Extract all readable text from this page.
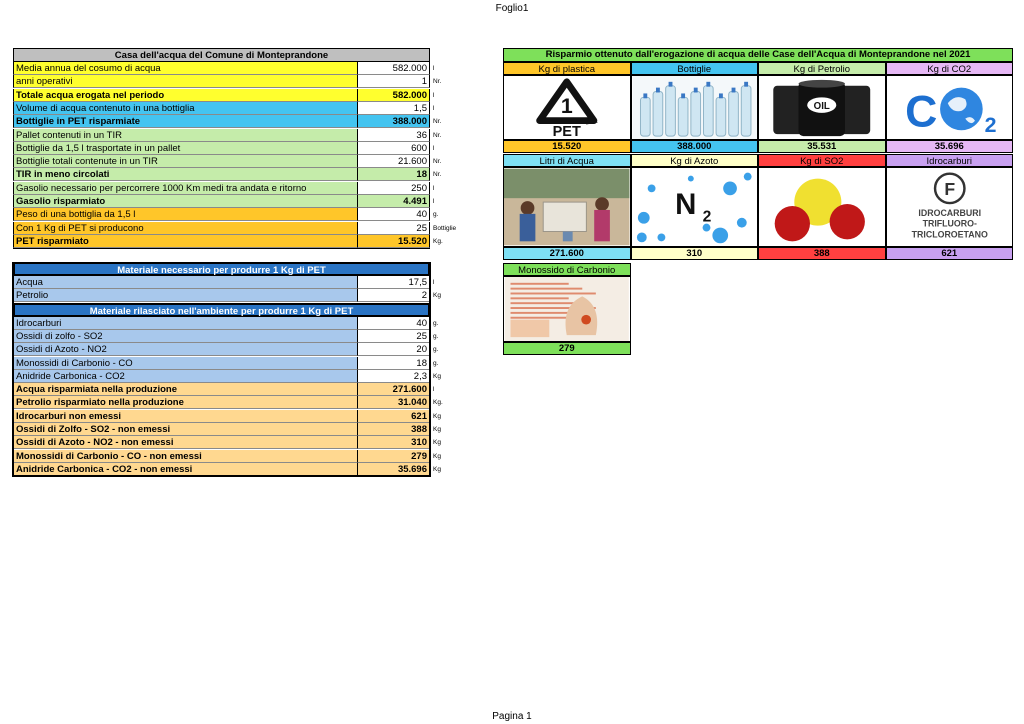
Foglio1
Casa dell'acqua del Comune di Monteprandone
Media annua del cosumo di acqua	582.000 l
anni operativi	1 Nr.
Totale acqua erogata nel periodo	582.000 l
Volume di acqua contenuto in una bottiglia	1,5 l
Bottiglie in PET risparmiate	388.000 Nr.
Pallet contenuti in un TIR	36 Nr.
Bottiglie da 1,5 l trasportate in un pallet	600 l
Bottiglie totali contenute in un TIR	21.600 Nr.
TIR in meno circolati	18 Nr.
Gasolio necessario per percorrere 1000 Km medi tra andata e ritorno	250 l
Gasolio risparmiato	4.491 l
Peso di una bottiglia da 1,5 l	40 g.
Con 1 Kg di PET si producono	25 Bottiglie
PET risparmiato	15.520 Kg.
Materiale necessario per produrre 1 Kg di PET
Acqua	17,5 l
Petrolio	2 Kg
Materiale rilasciato nell'ambiente per produrre 1 Kg di PET
Idrocarburi	40 g.
Ossidi di zolfo - SO2	25 g.
Ossidi di Azoto - NO2	20 g.
Monossidi di Carbonio - CO	18 g.
Anidride Carbonica - CO2	2,3 Kg
Acqua risparmiata nella produzione	271.600 l
Petrolio risparmiato nella produzione	31.040 Kg.
Idrocarburi non emessi	621 Kg
Ossidi di Zolfo - SO2 - non emessi	388 Kg
Ossidi di Azoto - NO2 - non emessi	310 Kg
Monossidi di Carbonio - CO - non emessi	279 Kg
Anidride Carbonica - CO2 - non emessi	35.696 Kg
Risparmio ottenuto dall'erogazione di acqua delle Case dell'Acqua di Monteprandone nel 2021
Kg di plastica
1
PET
15.520
Bottiglie
388.000
Kg di Petrolio
OIL
35.531
Kg di CO2
C 2
35.696
Litri di Acqua
271.600
Kg di Azoto
N 2
310
Kg di SO2
388
Idrocarburi
F
IDROCARBURI
TRIFLUORO-
TRICLOROETANO
621
Monossido di Carbonio
279
Pagina 1
